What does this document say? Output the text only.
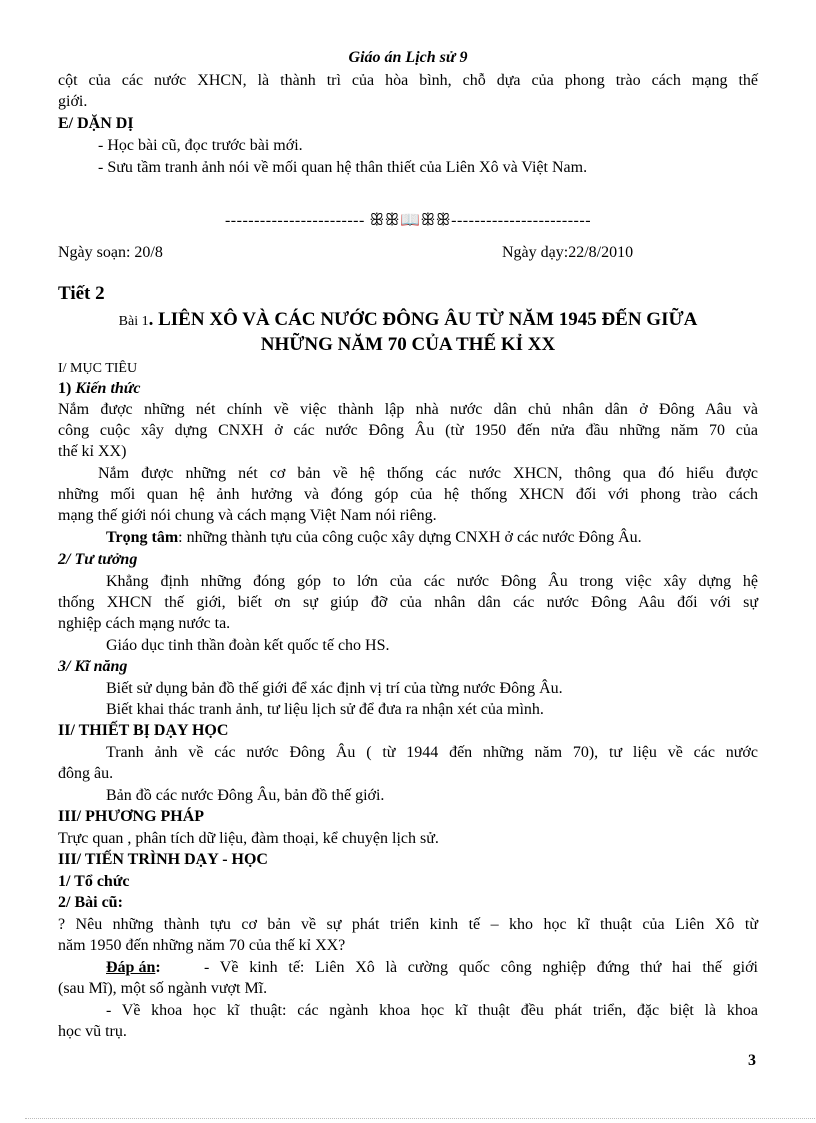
Giáo án Lịch sử 9
cột của các nước XHCN, là thành trì của hòa bình, chỗ dựa của phong trào cách mạng thế
giới.
E/ DẶN DỊ
- Học bài cũ, đọc trước bài mới.
- Sưu tầm tranh ảnh nói về mối quan hệ thân thiết của Liên Xô và Việt Nam.
------------------------ ꕥꕥ📖ꕥꕥ------------------------
Ngày soạn: 20/8	Ngày dạy:22/8/2010
Tiết 2
Bài 1. LIÊN XÔ VÀ CÁC NƯỚC ĐÔNG ÂU TỪ NĂM 1945 ĐẾN GIỮA
NHỮNG NĂM 70 CỦA THẾ KỈ XX
I/ MỤC TIÊU
1) Kiến thức
Nắm được những nét chính về việc thành lập nhà nước dân chủ nhân dân ở Đông Aâu và
công cuộc xây dựng CNXH ở các nước Đông Âu (từ 1950 đến nửa đầu những năm 70 của
thế kỉ XX)
Nắm được những nét cơ bản về hệ thống các nước XHCN, thông qua đó hiểu được
những mối quan hệ ảnh hưởng và đóng góp của hệ thống XHCN đối với phong trào cách
mạng thế giới nói chung và cách mạng Việt Nam nói riêng.
Trọng tâm: những thành tựu của công cuộc xây dựng CNXH ở các nước Đông Âu.
2/ Tư tưởng
Khẳng định những đóng góp to lớn của các nước Đông Âu trong việc xây dựng hệ
thống XHCN thế giới, biết ơn sự giúp đỡ của nhân dân các nước Đông Aâu đối với sự
nghiệp cách mạng nước ta.
Giáo dục tinh thần đoàn kết quốc tế cho HS.
3/ Kĩ năng
Biết sử dụng bản đồ thế giới để xác định vị trí của từng nước Đông Âu.
Biết khai thác tranh ảnh, tư liệu lịch sử để đưa ra nhận xét của mình.
II/ THIẾT BỊ DẠY HỌC
Tranh ảnh về các nước Đông Âu ( từ 1944 đến những năm 70), tư liệu về các nước
đông âu.
Bản đồ các nước Đông Âu, bản đồ thế giới.
III/ PHƯƠNG PHÁP
Trực quan , phân tích dữ liệu, đàm thoại, kể chuyện lịch sử.
III/ TIẾN TRÌNH DẠY - HỌC
1/ Tổ chức
2/ Bài cũ:
? Nêu những thành tựu cơ bản về sự phát triển kinh tế – kho học kĩ thuật của Liên Xô từ
năm 1950 đến những năm 70 của thế kỉ XX?
Đáp án:	- Về kinh tế: Liên Xô là cường quốc công nghiệp đứng thứ hai thế giới
(sau Mĩ), một số ngành vượt Mĩ.
- Về khoa học kĩ thuật: các ngành khoa học kĩ thuật đều phát triển, đặc biệt là khoa
học vũ trụ.
3
